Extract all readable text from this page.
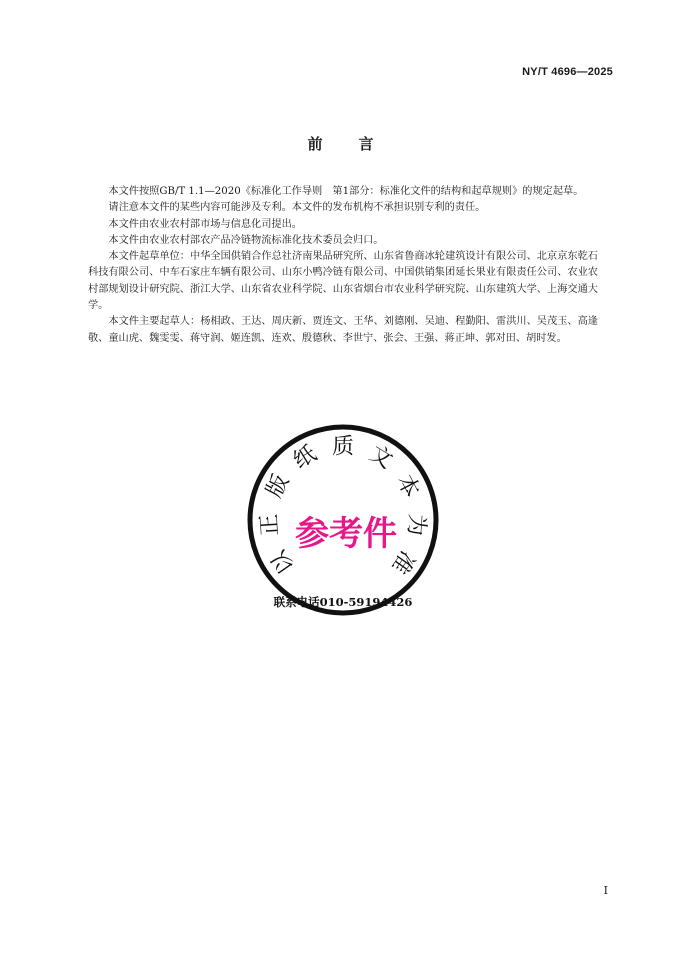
NY/T 4696—2025
前 言

本文件按照GB/T 1.1—2020《标准化工作导则　第1部分：标准化文件的结构和起草规则》的规定起草。

请注意本文件的某些内容可能涉及专利。本文件的发布机构不承担识别专利的责任。

本文件由农业农村部市场与信息化司提出。

本文件由农业农村部农产品冷链物流标准化技术委员会归口。

本文件起草单位：中华全国供销合作总社济南果品研究所、山东省鲁商冰轮建筑设计有限公司、北京京东乾石科技有限公司、中车石家庄车辆有限公司、山东小鸭冷链有限公司、中国供销集团延长果业有限责任公司、农业农村部规划设计研究院、浙江大学、山东省农业科学院、山东省烟台市农业科学研究院、山东建筑大学、上海交通大学。

本文件主要起草人：杨相政、王达、周庆新、贾连文、王华、刘德刚、吴迪、程勤阳、雷洪川、吴茂玉、高逢敬、童山虎、魏雯雯、蒋守润、姬连凯、连欢、殷德秋、李世宁、张会、王强、蒋正坤、郭对田、胡时发。

以
正
版
纸 质 文
本
为
准
参考件
联系电话010-59194426
I
